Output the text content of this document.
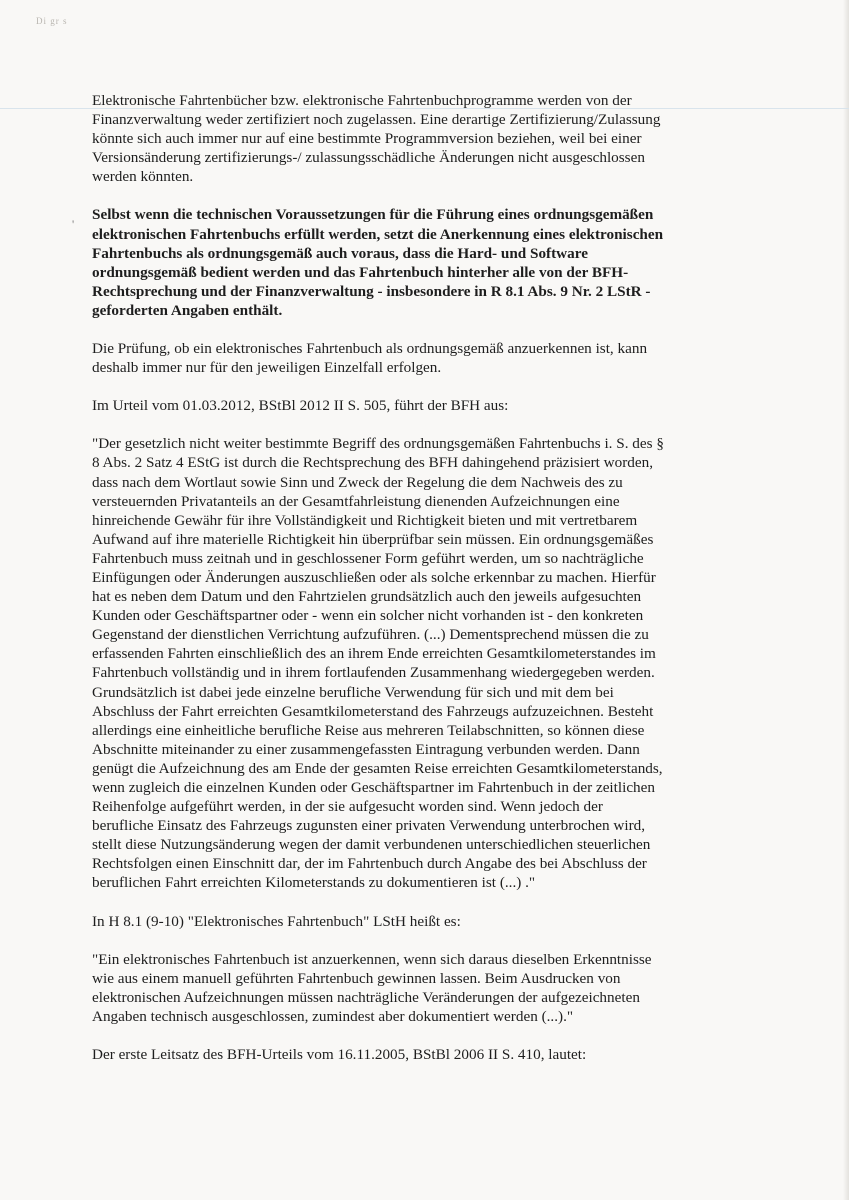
Di gr s
'

Elektronische Fahrtenbücher bzw. elektronische Fahrtenbuchprogramme werden von der
Finanzverwaltung weder zertifiziert noch zugelassen. Eine derartige Zertifizierung/Zulassung
könnte sich auch immer nur auf eine bestimmte Programmversion beziehen, weil bei einer
Versionsänderung zertifizierungs-/ zulassungsschädliche Änderungen nicht ausgeschlossen
werden könnten.

Selbst wenn die technischen Voraussetzungen für die Führung eines ordnungsgemäßen
elektronischen Fahrtenbuchs erfüllt werden, setzt die Anerkennung eines elektronischen
Fahrtenbuchs als ordnungsgemäß auch voraus, dass die Hard- und Software
ordnungsgemäß bedient werden und das Fahrtenbuch hinterher alle von der BFH-
Rechtsprechung und der Finanzverwaltung - insbesondere in R 8.1 Abs. 9 Nr. 2 LStR -
geforderten Angaben enthält.

Die Prüfung, ob ein elektronisches Fahrtenbuch als ordnungsgemäß anzuerkennen ist, kann
deshalb immer nur für den jeweiligen Einzelfall erfolgen.

Im Urteil vom 01.03.2012, BStBl 2012 II S. 505, führt der BFH aus:

"Der gesetzlich nicht weiter bestimmte Begriff des ordnungsgemäßen Fahrtenbuchs i. S. des §
8 Abs. 2 Satz 4 EStG ist durch die Rechtsprechung des BFH dahingehend präzisiert worden,
dass nach dem Wortlaut sowie Sinn und Zweck der Regelung die dem Nachweis des zu
versteuernden Privatanteils an der Gesamtfahrleistung dienenden Aufzeichnungen eine
hinreichende Gewähr für ihre Vollständigkeit und Richtigkeit bieten und mit vertretbarem
Aufwand auf ihre materielle Richtigkeit hin überprüfbar sein müssen. Ein ordnungsgemäßes
Fahrtenbuch muss zeitnah und in geschlossener Form geführt werden, um so nachträgliche
Einfügungen oder Änderungen auszuschließen oder als solche erkennbar zu machen. Hierfür
hat es neben dem Datum und den Fahrtzielen grundsätzlich auch den jeweils aufgesuchten
Kunden oder Geschäftspartner oder - wenn ein solcher nicht vorhanden ist - den konkreten
Gegenstand der dienstlichen Verrichtung aufzuführen. (...) Dementsprechend müssen die zu
erfassenden Fahrten einschließlich des an ihrem Ende erreichten Gesamtkilometerstandes im
Fahrtenbuch vollständig und in ihrem fortlaufenden Zusammenhang wiedergegeben werden.
Grundsätzlich ist dabei jede einzelne berufliche Verwendung für sich und mit dem bei
Abschluss der Fahrt erreichten Gesamtkilometerstand des Fahrzeugs aufzuzeichnen. Besteht
allerdings eine einheitliche berufliche Reise aus mehreren Teilabschnitten, so können diese
Abschnitte miteinander zu einer zusammengefassten Eintragung verbunden werden. Dann
genügt die Aufzeichnung des am Ende der gesamten Reise erreichten Gesamtkilometerstands,
wenn zugleich die einzelnen Kunden oder Geschäftspartner im Fahrtenbuch in der zeitlichen
Reihenfolge aufgeführt werden, in der sie aufgesucht worden sind. Wenn jedoch der
berufliche Einsatz des Fahrzeugs zugunsten einer privaten Verwendung unterbrochen wird,
stellt diese Nutzungsänderung wegen der damit verbundenen unterschiedlichen steuerlichen
Rechtsfolgen einen Einschnitt dar, der im Fahrtenbuch durch Angabe des bei Abschluss der
beruflichen Fahrt erreichten Kilometerstands zu dokumentieren ist (...) ."

In H 8.1 (9-10) "Elektronisches Fahrtenbuch" LStH heißt es:

"Ein elektronisches Fahrtenbuch ist anzuerkennen, wenn sich daraus dieselben Erkenntnisse
wie aus einem manuell geführten Fahrtenbuch gewinnen lassen. Beim Ausdrucken von
elektronischen Aufzeichnungen müssen nachträgliche Veränderungen der aufgezeichneten
Angaben technisch ausgeschlossen, zumindest aber dokumentiert werden (...)."

Der erste Leitsatz des BFH-Urteils vom 16.11.2005, BStBl 2006 II S. 410, lautet:
